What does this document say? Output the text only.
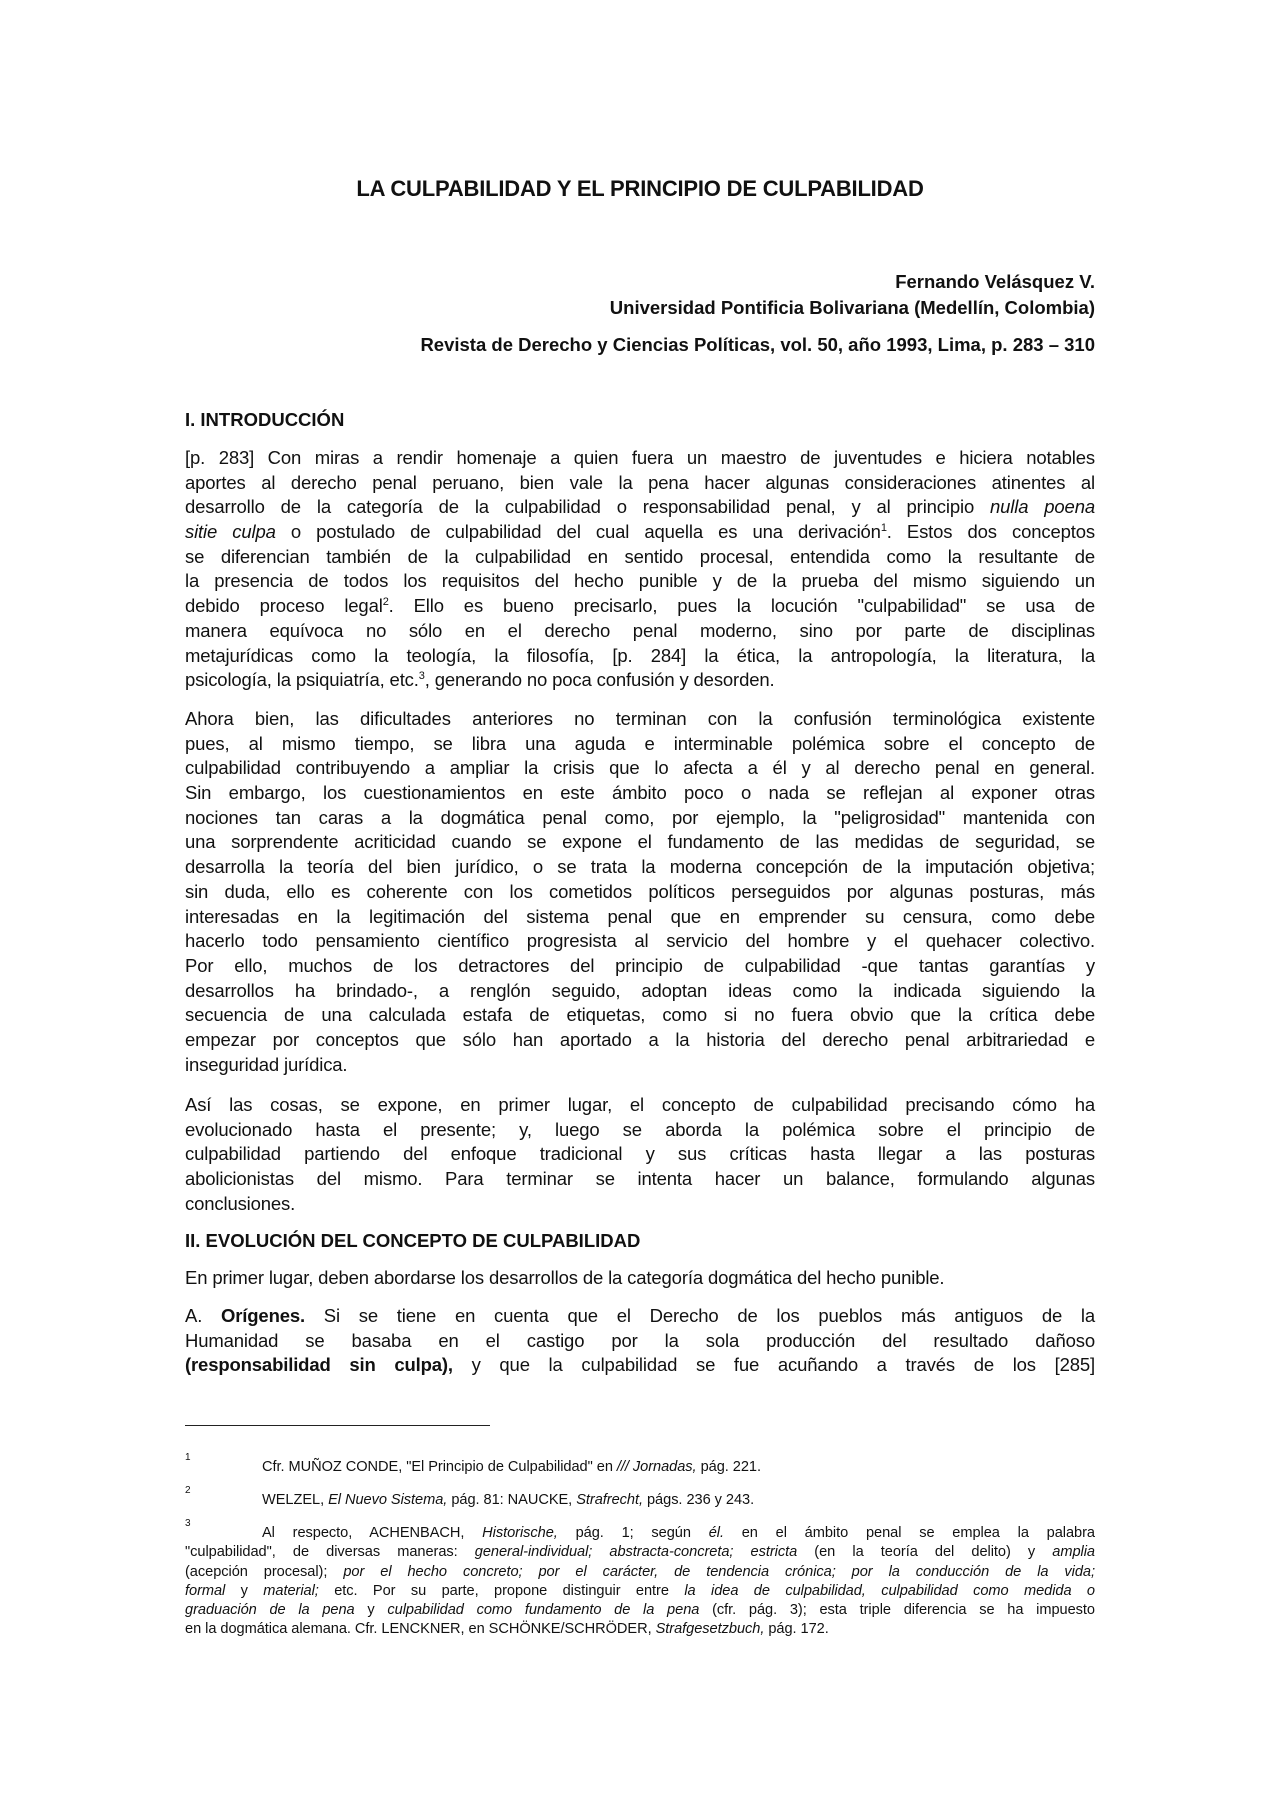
LA CULPABILIDAD Y EL PRINCIPIO DE CULPABILIDAD
Fernando Velásquez V.
Universidad Pontificia Bolivariana (Medellín, Colombia)
Revista de Derecho y Ciencias Políticas, vol. 50, año 1993, Lima, p. 283 – 310
I. INTRODUCCIÓN
[p. 283] Con miras a rendir homenaje a quien fuera un maestro de juventudes e hiciera notables
aportes al derecho penal peruano, bien vale la pena hacer algunas consideraciones atinentes al
desarrollo de la categoría de la culpabilidad o responsabilidad penal, y al principio nulla poena
sitie culpa o postulado de culpabilidad del cual aquella es una derivación$^1$. Estos dos conceptos
se diferencian también de la culpabilidad en sentido procesal, entendida como la resultante de
la presencia de todos los requisitos del hecho punible y de la prueba del mismo siguiendo un
debido proceso legal$^2$. Ello es bueno precisarlo, pues la locución "culpabilidad" se usa de
manera equívoca no sólo en el derecho penal moderno, sino por parte de disciplinas
metajurídicas como la teología, la filosofía, [p. 284] la ética, la antropología, la literatura, la
psicología, la psiquiatría, etc.$^3$, generando no poca confusión y desorden.
Ahora bien, las dificultades anteriores no terminan con la confusión terminológica existente
pues, al mismo tiempo, se libra una aguda e interminable polémica sobre el concepto de
culpabilidad contribuyendo a ampliar la crisis que lo afecta a él y al derecho penal en general.
Sin embargo, los cuestionamientos en este ámbito poco o nada se reflejan al exponer otras
nociones tan caras a la dogmática penal como, por ejemplo, la "peligrosidad" mantenida con
una sorprendente acriticidad cuando se expone el fundamento de las medidas de seguridad, se
desarrolla la teoría del bien jurídico, o se trata la moderna concepción de la imputación objetiva;
sin duda, ello es coherente con los cometidos políticos perseguidos por algunas posturas, más
interesadas en la legitimación del sistema penal que en emprender su censura, como debe
hacerlo todo pensamiento científico progresista al servicio del hombre y el quehacer colectivo.
Por ello, muchos de los detractores del principio de culpabilidad -que tantas garantías y
desarrollos ha brindado-, a renglón seguido, adoptan ideas como la indicada siguiendo la
secuencia de una calculada estafa de etiquetas, como si no fuera obvio que la crítica debe
empezar por conceptos que sólo han aportado a la historia del derecho penal arbitrariedad e
inseguridad jurídica.
Así las cosas, se expone, en primer lugar, el concepto de culpabilidad precisando cómo ha
evolucionado hasta el presente; y, luego se aborda la polémica sobre el principio de
culpabilidad partiendo del enfoque tradicional y sus críticas hasta llegar a las posturas
abolicionistas del mismo. Para terminar se intenta hacer un balance, formulando algunas
conclusiones.
II. EVOLUCIÓN DEL CONCEPTO DE CULPABILIDAD
En primer lugar, deben abordarse los desarrollos de la categoría dogmática del hecho punible.
A. Orígenes. Si se tiene en cuenta que el Derecho de los pueblos más antiguos de la
Humanidad se basaba en el castigo por la sola producción del resultado dañoso
(responsabilidad sin culpa), y que la culpabilidad se fue acuñando a través de los [285]
1
Cfr. MUÑOZ CONDE, "El Principio de Culpabilidad" en /// Jornadas, pág. 221.
2
WELZEL, El Nuevo Sistema, pág. 81: NAUCKE, Strafrecht, págs. 236 y 243.
3
Al respecto, ACHENBACH, Historische, pág. 1; según él. en el ámbito penal se emplea la palabra
"culpabilidad", de diversas maneras: general-individual; abstracta-concreta; estricta (en la teoría del delito) y amplia
(acepción procesal); por el hecho concreto; por el carácter, de tendencia crónica; por la conducción de la vida;
formal y material; etc. Por su parte, propone distinguir entre la idea de culpabilidad, culpabilidad como medida o
graduación de la pena y culpabilidad como fundamento de la pena (cfr. pág. 3); esta triple diferencia se ha impuesto
en la dogmática alemana. Cfr. LENCKNER, en SCHÖNKE/SCHRÖDER, Strafgesetzbuch, pág. 172.
